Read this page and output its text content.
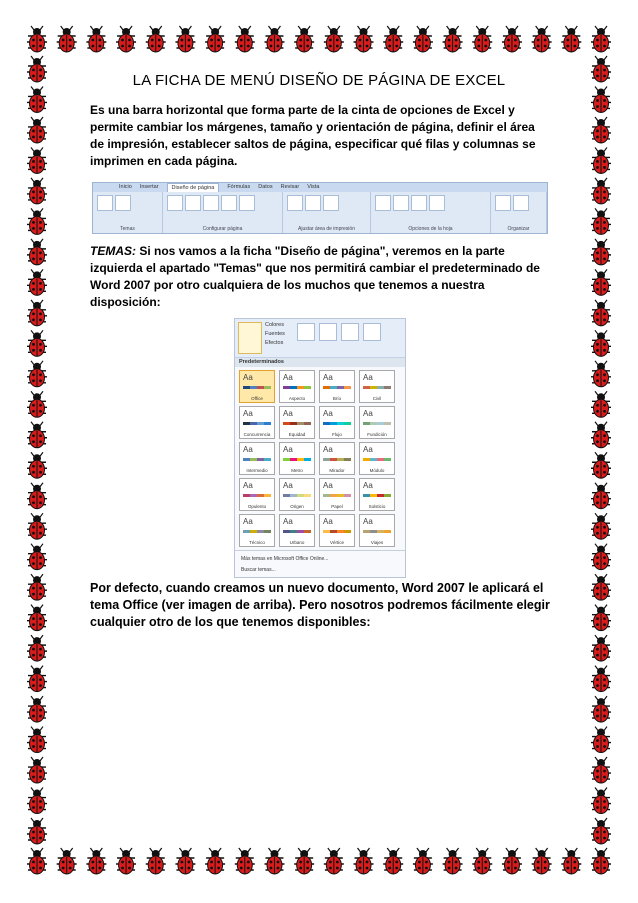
LA FICHA DE MENÚ DISEÑO DE PÁGINA DE EXCEL

Es una barra horizontal que forma parte de la cinta de opciones de Excel y permite cambiar los márgenes, tamaño y orientación de página, definir el área de impresión, establecer saltos de página, especificar qué filas y columnas se imprimen en cada página.

Inicio Insertar	Diseño de página	Fórmulas Datos Revisar Vista
Temas	Configurar página	Ajustar área de impresión	Opciones de la hoja	Organizar

TEMAS: Si nos vamos a la ficha "Diseño de página", veremos en la parte izquierda el apartado "Temas" que nos permitirá cambiar el predeterminado de Word 2007 por otro cualquiera de los muchos que tenemos a nuestra disposición:

Colores
Fuentes
Efectos
Predeterminados
Aa
Office
Aa
Aspecto
Aa
Brío
Aa
Civil
Aa
Concurrencia
Aa
Equidad
Aa
Flujo
Aa
Fundición
Aa
Intermedio
Aa
Metro
Aa
Mirador
Aa
Módulo
Aa
Opulento
Aa
Origen
Aa
Papel
Aa
Solsticio
Aa
Técnico
Aa
Urbano
Aa
Vértice
Aa
Viajes
Más temas en Microsoft Office Online...
Buscar temas...

Por defecto, cuando creamos un nuevo documento, Word 2007 le aplicará el tema Office (ver imagen de arriba). Pero nosotros podremos fácilmente elegir cualquier otro de los que tenemos disponibles:
